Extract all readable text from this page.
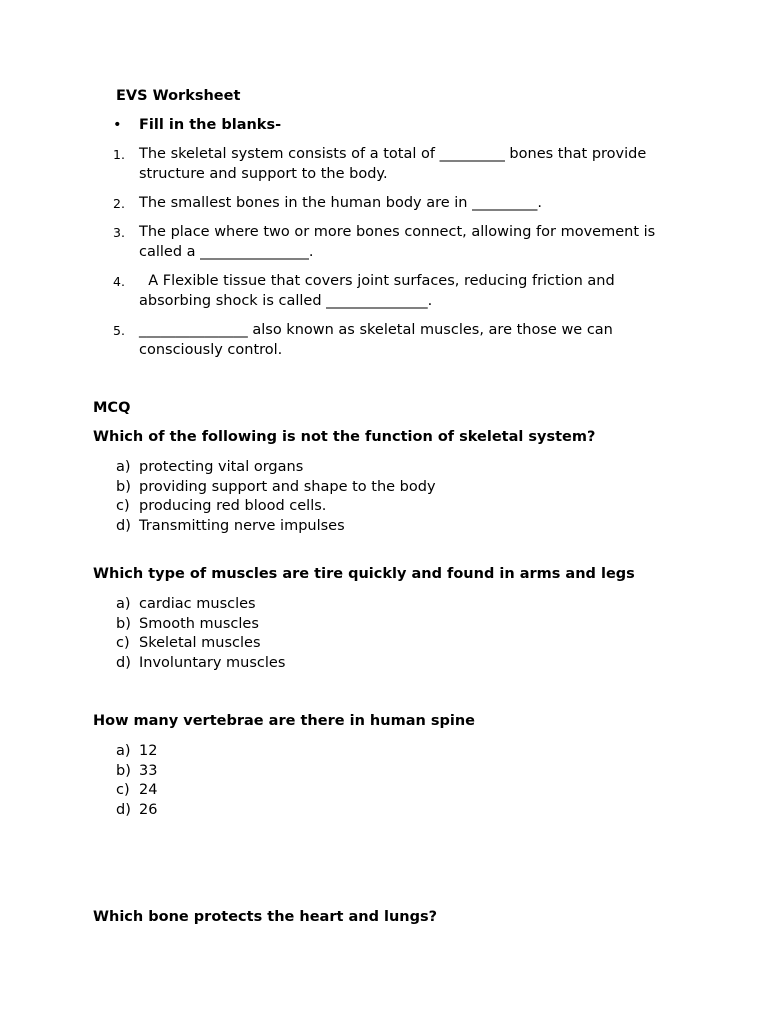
EVS Worksheet
• Fill in the blanks-
1. The skeletal system consists of a total of _________ bones that provide structure and support to the body.
2. The smallest bones in the human body are in _________.
3. The place where two or more bones connect, allowing for movement is called a _______________.
4. A Flexible tissue that covers joint surfaces, reducing friction and absorbing shock is called ______________.
5. _______________ also known as skeletal muscles, are those we can consciously control.
MCQ
Which of the following is not the function of skeletal system?
a) protecting vital organs
b) providing support and shape to the body
c) producing red blood cells.
d) Transmitting nerve impulses
Which type of muscles are tire quickly and found in arms and legs
a) cardiac muscles
b) Smooth muscles
c) Skeletal muscles
d) Involuntary muscles
How many vertebrae are there in human spine
a) 12
b) 33
c) 24
d) 26
Which bone protects the heart and lungs?
